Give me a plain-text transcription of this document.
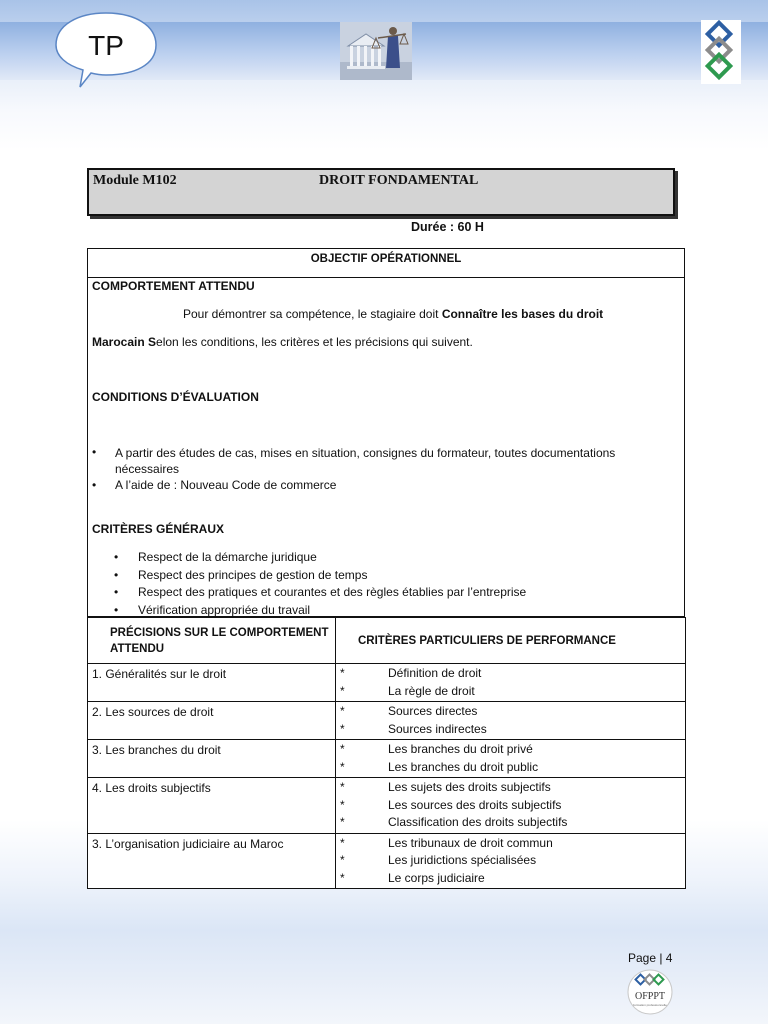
TP
Module M102	DROIT FONDAMENTAL
Durée : 60 H
OBJECTIF OPÉRATIONNEL
COMPORTEMENT ATTENDU
Pour démontrer sa compétence, le stagiaire doit Connaître les bases du droit
Marocain Selon les conditions, les critères et les précisions qui suivent.
CONDITIONS D’ÉVALUATION
• A partir des études de cas, mises en situation, consignes du formateur, toutes documentations
nécessaires
• A l’aide de : Nouveau Code de commerce
CRITÈRES GÉNÉRAUX
• Respect de la démarche juridique
• Respect des principes de gestion de temps
• Respect des pratiques et courantes et des règles établies par l’entreprise
• Vérification appropriée du travail
PRÉCISIONS SUR LE COMPORTEMENT
ATTENDU	CRITÈRES PARTICULIERS DE PERFORMANCE

1. Généralités sur le droit	* Définition de droit
* La règle de droit

2. Les sources de droit	* Sources directes
* Sources indirectes

3. Les branches du droit	* Les branches du droit privé
* Les branches du droit public

4. Les droits subjectifs	* Les sujets des droits subjectifs
* Les sources des droits subjectifs
* Classification des droits subjectifs

3. L’organisation judiciaire au Maroc	* Les tribunaux de droit commun
* Les juridictions spécialisées
* Le corps judiciaire
Page | 4
OFPPT
formation professionnelle
